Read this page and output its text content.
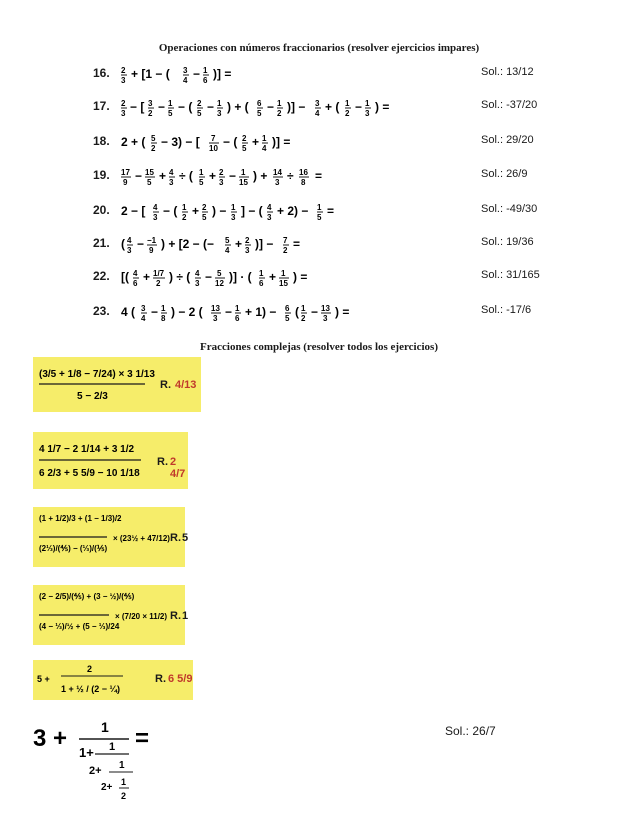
Operaciones con números fraccionarios (resolver ejercicios impares)
16. 2
3 + [1 − ( 3
4 − 1
6 )] =	Sol.: 13/12
17. 2
3 − [ 3
2 − 1
5 − ( 2
5 − 1
3 ) + ( 6
5 − 1
2 )] − 3
4 + ( 1
2 − 1
3 ) =	Sol.: -37/20
18. 2 + ( 5
2 − 3) − [ 7
10 − ( 2
5 + 1
4 )] =	Sol.: 29/20
19. 17
9 − 15
5 + 4
3 ÷ ( 1
5 + 2
3 − 1
15 ) + 14
3 ÷ 16
8 =	Sol.: 26/9
20. 2 − [ 4
3 − ( 1
2 + 2
5 ) − 1
3 ] − ( 4
3 + 2) − 1
5 =	Sol.: -49/30
21. ( 4
3 − −1
9 ) + [2 − (− 5
4 + 2
3 )] − 7
2 =	Sol.: 19/36
22. [( 4
6 + 1/7
2 ) ÷ ( 4
3 − 5
12 )] · ( 1
6 + 1
15 ) =	Sol.: 31/165
23. 4 ( 3
4 − 1
8 ) − 2 ( 13
3 − 1
6 + 1) − 6
5 ( 1
2 − 13
3 ) =	Sol.: -17/6
Fracciones complejas (resolver todos los ejercicios)
(3/5 + 1/8 − 7/24) × 3 1/13
5 − 2/3
R. 4/13
4 1/7 − 2 1/14 + 3 1/2
6 2/3 + 5 5/9 − 10 1/18
R. 2 4/7
(1 + 1/2)/3 + (1 − 1/3)/2
(2⅓)/(⅘) − (⅓)/(⅕)
× (23½ + 47/12) R. 5
(2 − 2/5)/(⅘) + (3 − ½)/(⅘)
(4 − ⅓)/½ + (5 − ⅓)/24
× (7/20 × 11/2) R. 1
5 +
2
1 + ½ / (2 − ¼)
R. 6 5/9
3 + 1
1+ 1
2+ 1
2+ 1
2
=	Sol.: 26/7
